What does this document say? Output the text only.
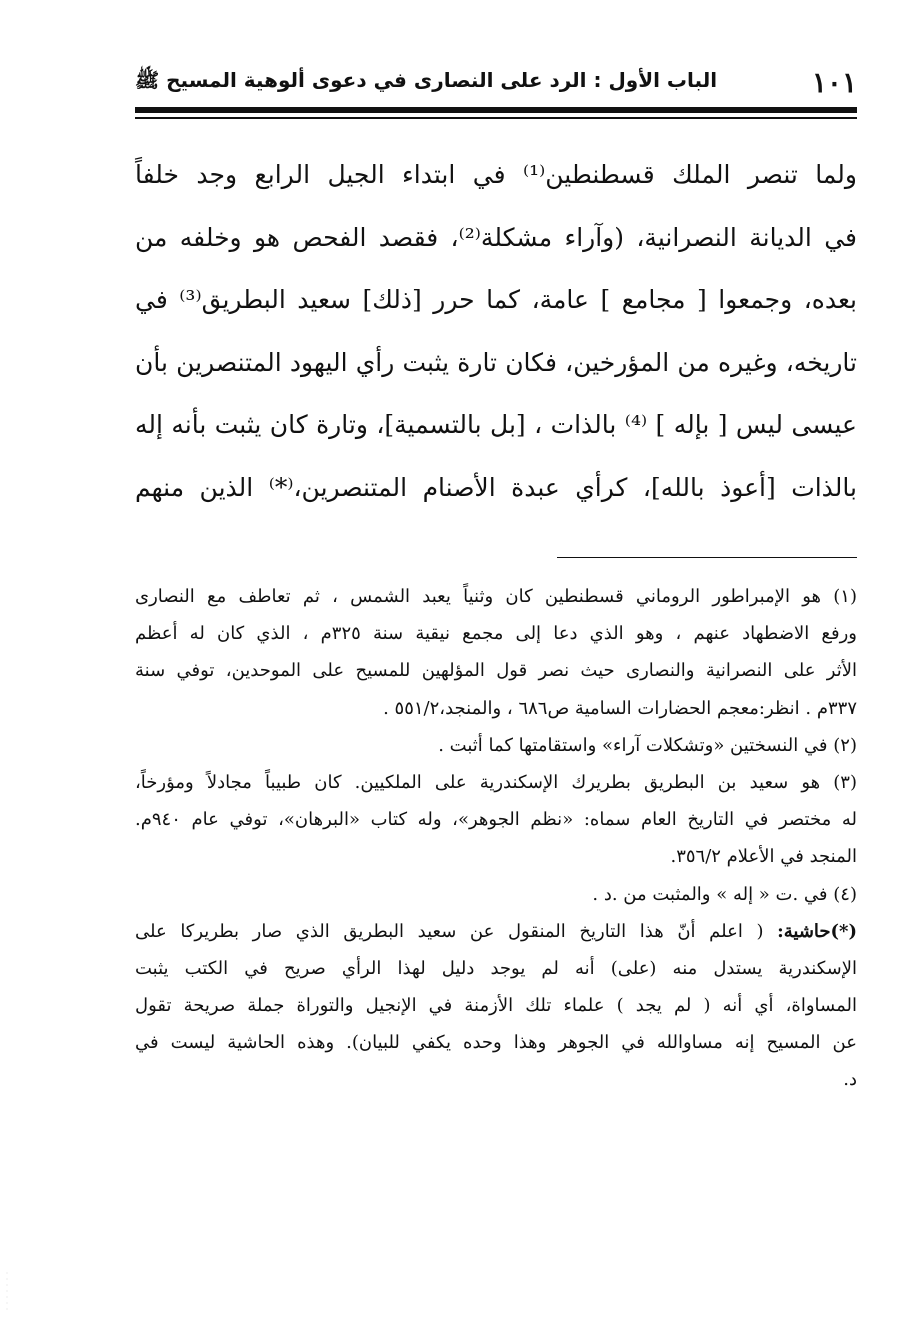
١٠١
الباب الأول : الرد على النصارى في دعوى ألوهية المسيح ﷺ
ولما تنصر الملك قسطنطين⁽¹⁾ في ابتداء الجيل الرابع وجد خلفاً
في الديانة النصرانية، (وآراء مشكلة⁽²⁾، فقصد الفحص هو وخلفه من
بعده، وجمعوا [ مجامع ] عامة، كما حرر [ذلك] سعيد البطريق⁽³⁾ في
تاريخه، وغيره من المؤرخين، فكان تارة يثبت رأي اليهود المتنصرين بأن
عيسى ليس [ بإله ] ⁽⁴⁾ بالذات ، [بل بالتسمية]، وتارة كان يثبت بأنه إله
بالذات [أعوذ بالله]، كرأي عبدة الأصنام المتنصرين،⁽*⁾ الذين منهم
(١) هو الإمبراطور الروماني قسطنطين كان وثنياً يعبد الشمس ، ثم تعاطف مع النصارى
ورفع الاضطهاد عنهم ، وهو الذي دعا إلى مجمع نيقية سنة ٣٢٥م ، الذي كان له أعظم
الأثر على النصرانية والنصارى حيث نصر قول المؤلهين للمسيح على الموحدين، توفي سنة
٣٣٧م . انظر:معجم الحضارات السامية ص٦٨٦ ، والمنجد،٥٥١/٢ .
(٢) في النسختين «وتشكلات آراء» واستقامتها كما أثبت .
(٣) هو سعيد بن البطريق بطريرك الإسكندرية على الملكيين. كان طبيباً مجادلاً ومؤرخاً،
له مختصر في التاريخ العام سماه: «نظم الجوهر»، وله كتاب «البرهان»، توفي عام ٩٤٠م.
المنجد في الأعلام ٣٥٦/٢.
(٤) في .ت « إله » والمثبت من .د .
(*)حاشية: ( اعلم أنّ هذا التاريخ المنقول عن سعيد البطريق الذي صار بطريركا على
الإسكندرية يستدل منه (على) أنه لم يوجد دليل لهذا الرأي صريح في الكتب يثبت
المساواة، أي أنه ( لم يجد ) علماء تلك الأزمنة في الإنجيل والتوراة جملة صريحة تقول
عن المسيح إنه مساوالله في الجوهر وهذا وحده يكفي للبيان). وهذه الحاشية ليست في
د.
